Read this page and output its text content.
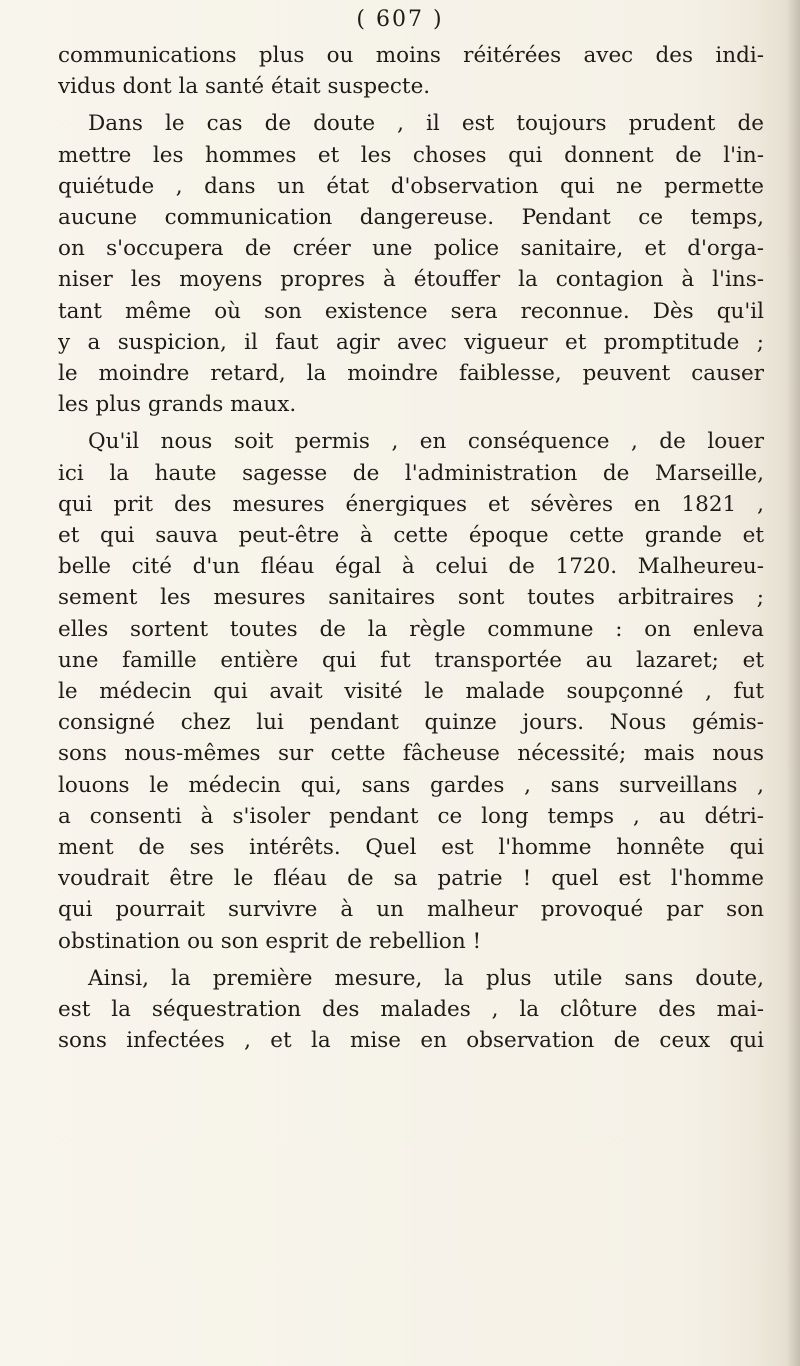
( 607 )
communications plus ou moins réitérées avec des indi-
vidus dont la santé était suspecte.
Dans le cas de doute , il est toujours prudent de
mettre les hommes et les choses qui donnent de l'in-
quiétude , dans un état d'observation qui ne permette
aucune communication dangereuse. Pendant ce temps,
on s'occupera de créer une police sanitaire, et d'orga-
niser les moyens propres à étouffer la contagion à l'ins-
tant même où son existence sera reconnue. Dès qu'il
y a suspicion, il faut agir avec vigueur et promptitude ;
le moindre retard, la moindre faiblesse, peuvent causer
les plus grands maux.
Qu'il nous soit permis , en conséquence , de louer
ici la haute sagesse de l'administration de Marseille,
qui prit des mesures énergiques et sévères en 1821 ,
et qui sauva peut-être à cette époque cette grande et
belle cité d'un fléau égal à celui de 1720. Malheureu-
sement les mesures sanitaires sont toutes arbitraires ;
elles sortent toutes de la règle commune : on enleva
une famille entière qui fut transportée au lazaret; et
le médecin qui avait visité le malade soupçonné , fut
consigné chez lui pendant quinze jours. Nous gémis-
sons nous-mêmes sur cette fâcheuse nécessité; mais nous
louons le médecin qui, sans gardes , sans surveillans ,
a consenti à s'isoler pendant ce long temps , au détri-
ment de ses intérêts. Quel est l'homme honnête qui
voudrait être le fléau de sa patrie ! quel est l'homme
qui pourrait survivre à un malheur provoqué par son
obstination ou son esprit de rebellion !
Ainsi, la première mesure, la plus utile sans doute,
est la séquestration des malades , la clôture des mai-
sons infectées , et la mise en observation de ceux qui
